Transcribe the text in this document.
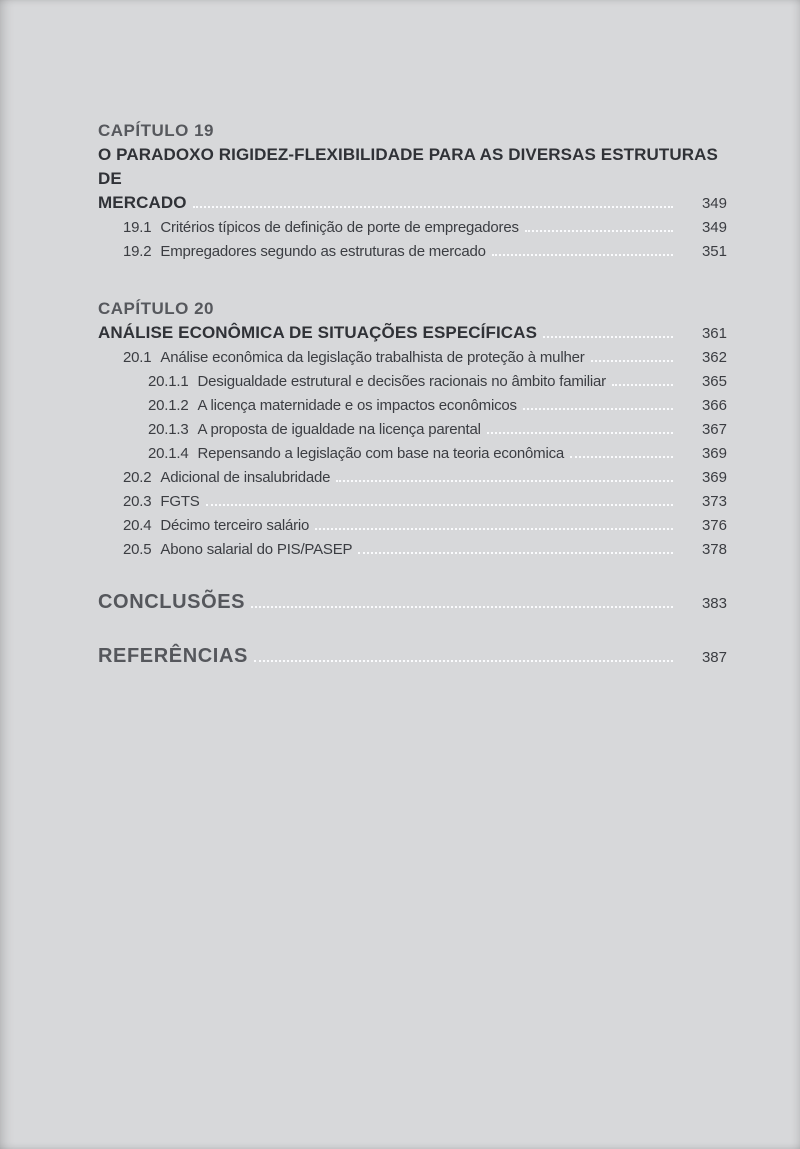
CAPÍTULO 19
O PARADOXO RIGIDEZ-FLEXIBILIDADE PARA AS DIVERSAS ESTRUTURAS DE
MERCADO	349
19.1 Critérios típicos de definição de porte de empregadores	349
19.2 Empregadores segundo as estruturas de mercado	351
CAPÍTULO 20
ANÁLISE ECONÔMICA DE SITUAÇÕES ESPECÍFICAS	361
20.1 Análise econômica da legislação trabalhista de proteção à mulher	362
20.1.1 Desigualdade estrutural e decisões racionais no âmbito familiar	365
20.1.2 A licença maternidade e os impactos econômicos	366
20.1.3 A proposta de igualdade na licença parental	367
20.1.4 Repensando a legislação com base na teoria econômica	369
20.2 Adicional de insalubridade	369
20.3 FGTS	373
20.4 Décimo terceiro salário	376
20.5 Abono salarial do PIS/PASEP	378
CONCLUSÕES	383
REFERÊNCIAS	387
